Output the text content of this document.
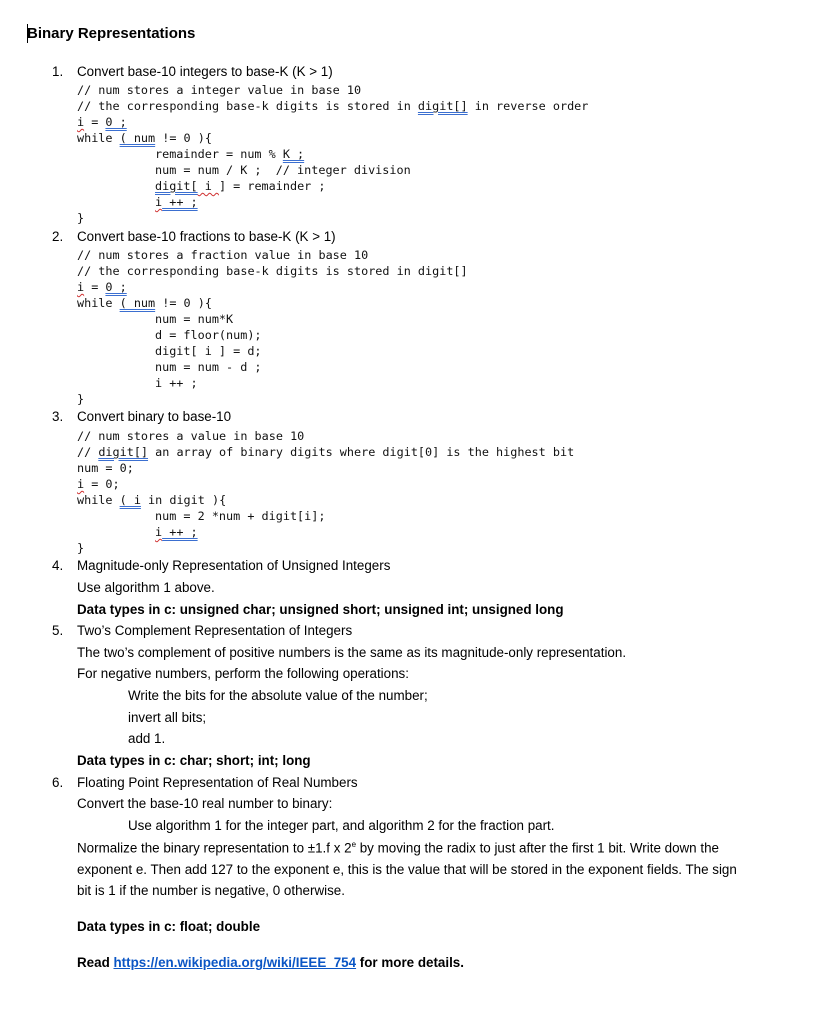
Binary Representations
1. Convert base-10 integers to base-K (K > 1)
// num stores a integer value in base 10
// the corresponding base-k digits is stored in digit[] in reverse order
i = 0 ;
while ( num != 0 ){
remainder = num % K ;
num = num / K ;  // integer division
digit[ i ] = remainder ;
i ++ ;
}
2. Convert base-10 fractions to base-K (K > 1)
// num stores a fraction value in base 10
// the corresponding base-k digits is stored in digit[]
i = 0 ;
while ( num != 0 ){
num = num*K
d = floor(num);
digit[ i ] = d;
num = num - d ;
i ++ ;
}
3. Convert binary to base-10
// num stores a value in base 10
// digit[] an array of binary digits where digit[0] is the highest bit
num = 0;
i = 0;
while ( i in digit ){
num = 2 *num + digit[i];
i ++ ;
}
4. Magnitude-only Representation of Unsigned Integers
Use algorithm 1 above.
Data types in c: unsigned char; unsigned short; unsigned int; unsigned long
5. Two’s Complement Representation of Integers
The two’s complement of positive numbers is the same as its magnitude-only representation.
For negative numbers, perform the following operations:
Write the bits for the absolute value of the number;
invert all bits;
add 1.
Data types in c: char; short; int; long
6. Floating Point Representation of Real Numbers
Convert the base-10 real number to binary:
Use algorithm 1 for the integer part, and algorithm 2 for the fraction part.
Normalize the binary representation to ±1.f x 2e by moving the radix to just after the first 1 bit. Write down the
exponent e. Then add 127 to the exponent e, this is the value that will be stored in the exponent fields. The sign
bit is 1 if the number is negative, 0 otherwise.
Data types in c: float; double
Read https://en.wikipedia.org/wiki/IEEE_754 for more details.
